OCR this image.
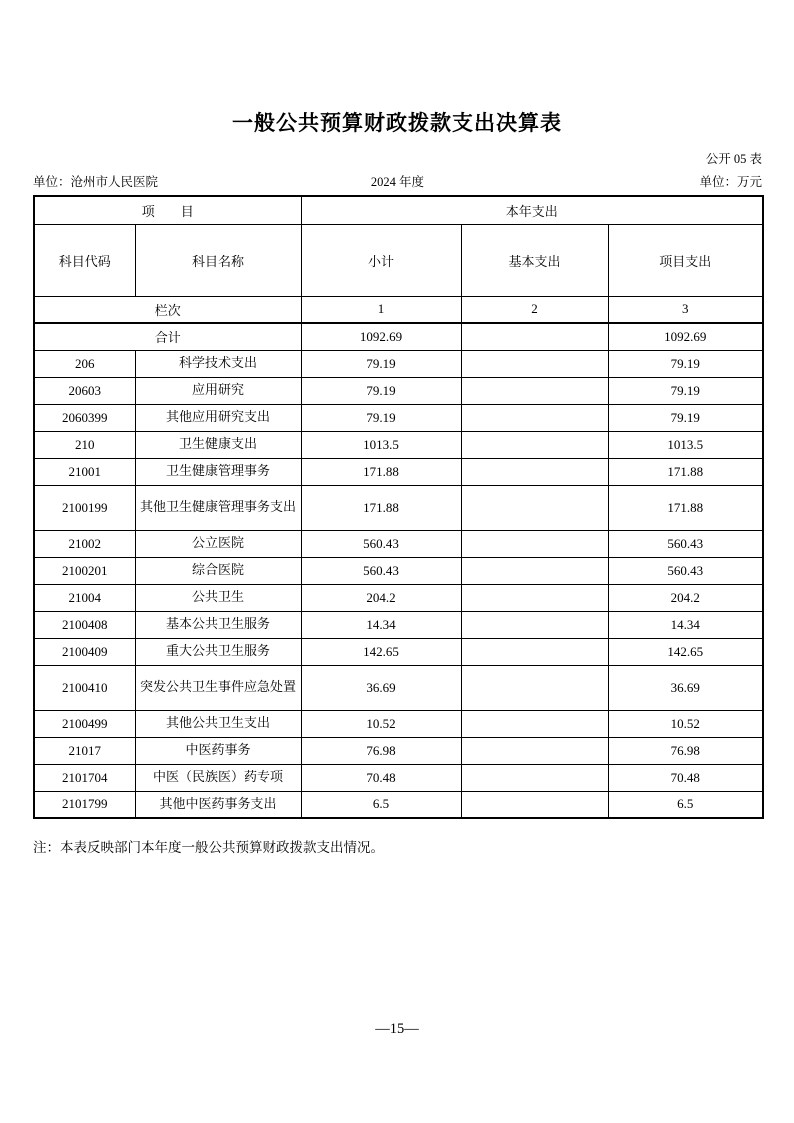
一般公共预算财政拨款支出决算表
公开 05 表
单位：沧州市人民医院	2024 年度	单位：万元
项　　目		本年支出		
科目代码	科目名称	小计	基本支出	项目支出
栏次		1	2	3
合计		1092.69		1092.69
206	科学技术支出	79.19		79.19
20603	应用研究	79.19		79.19
2060399	其他应用研究支出	79.19		79.19
210	卫生健康支出	1013.5		1013.5
21001	卫生健康管理事务	171.88		171.88
2100199	其他卫生健康管理事务支出	171.88		171.88
21002	公立医院	560.43		560.43
2100201	综合医院	560.43		560.43
21004	公共卫生	204.2		204.2
2100408	基本公共卫生服务	14.34		14.34
2100409	重大公共卫生服务	142.65		142.65
2100410	突发公共卫生事件应急处置	36.69		36.69
2100499	其他公共卫生支出	10.52		10.52
21017	中医药事务	76.98		76.98
2101704	中医（民族医）药专项	70.48		70.48
2101799	其他中医药事务支出	6.5		6.5
注：本表反映部门本年度一般公共预算财政拨款支出情况。
—15—
